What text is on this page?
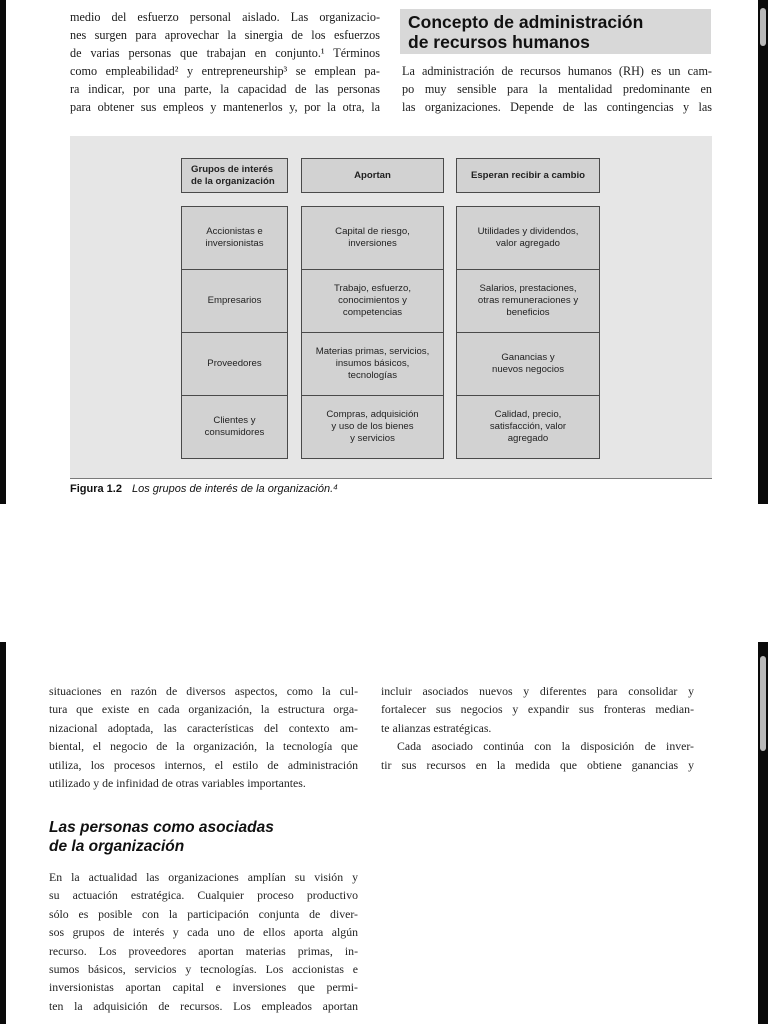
medio del esfuerzo personal aislado. Las organizacio-
nes surgen para aprovechar la sinergia de los esfuerzos
de varias personas que trabajan en conjunto.¹ Términos
como empleabilidad² y entrepreneurship³ se emplean pa-
ra indicar, por una parte, la capacidad de las personas
para obtener sus empleos y mantenerlos y, por la otra, la
Concepto de administración
de recursos humanos
La administración de recursos humanos (RH) es un cam-
po muy sensible para la mentalidad predominante en
las organizaciones. Depende de las contingencias y las
Grupos de interés
de la organización
Aportan	Esperan recibir a cambio
Accionistas e
inversionistas
Capital de riesgo,
inversiones
Utilidades y dividendos,
valor agregado
Empresarios
Trabajo, esfuerzo,
conocimientos y
competencias
Salarios, prestaciones,
otras remuneraciones y
beneficios
Proveedores
Materias primas, servicios,
insumos básicos,
tecnologías
Ganancias y
nuevos negocios
Clientes y
consumidores
Compras, adquisición
y uso de los bienes
y servicios
Calidad, precio,
satisfacción, valor
agregado
Figura 1.2 Los grupos de interés de la organización.⁴
situaciones en razón de diversos aspectos, como la cul-
tura que existe en cada organización, la estructura orga-
nizacional adoptada, las características del contexto am-
biental, el negocio de la organización, la tecnología que
utiliza, los procesos internos, el estilo de administración
utilizado y de infinidad de otras variables importantes.
Las personas como asociadas
de la organización
En la actualidad las organizaciones amplían su visión y
su actuación estratégica. Cualquier proceso productivo
sólo es posible con la participación conjunta de diver-
sos grupos de interés y cada uno de ellos aporta algún
recurso. Los proveedores aportan materias primas, in-
sumos básicos, servicios y tecnologías. Los accionistas e
inversionistas aportan capital e inversiones que permi-
ten la adquisición de recursos. Los empleados aportan
incluir asociados nuevos y diferentes para consolidar y
fortalecer sus negocios y expandir sus fronteras median-
te alianzas estratégicas.
Cada asociado continúa con la disposición de inver-
tir sus recursos en la medida que obtiene ganancias y
